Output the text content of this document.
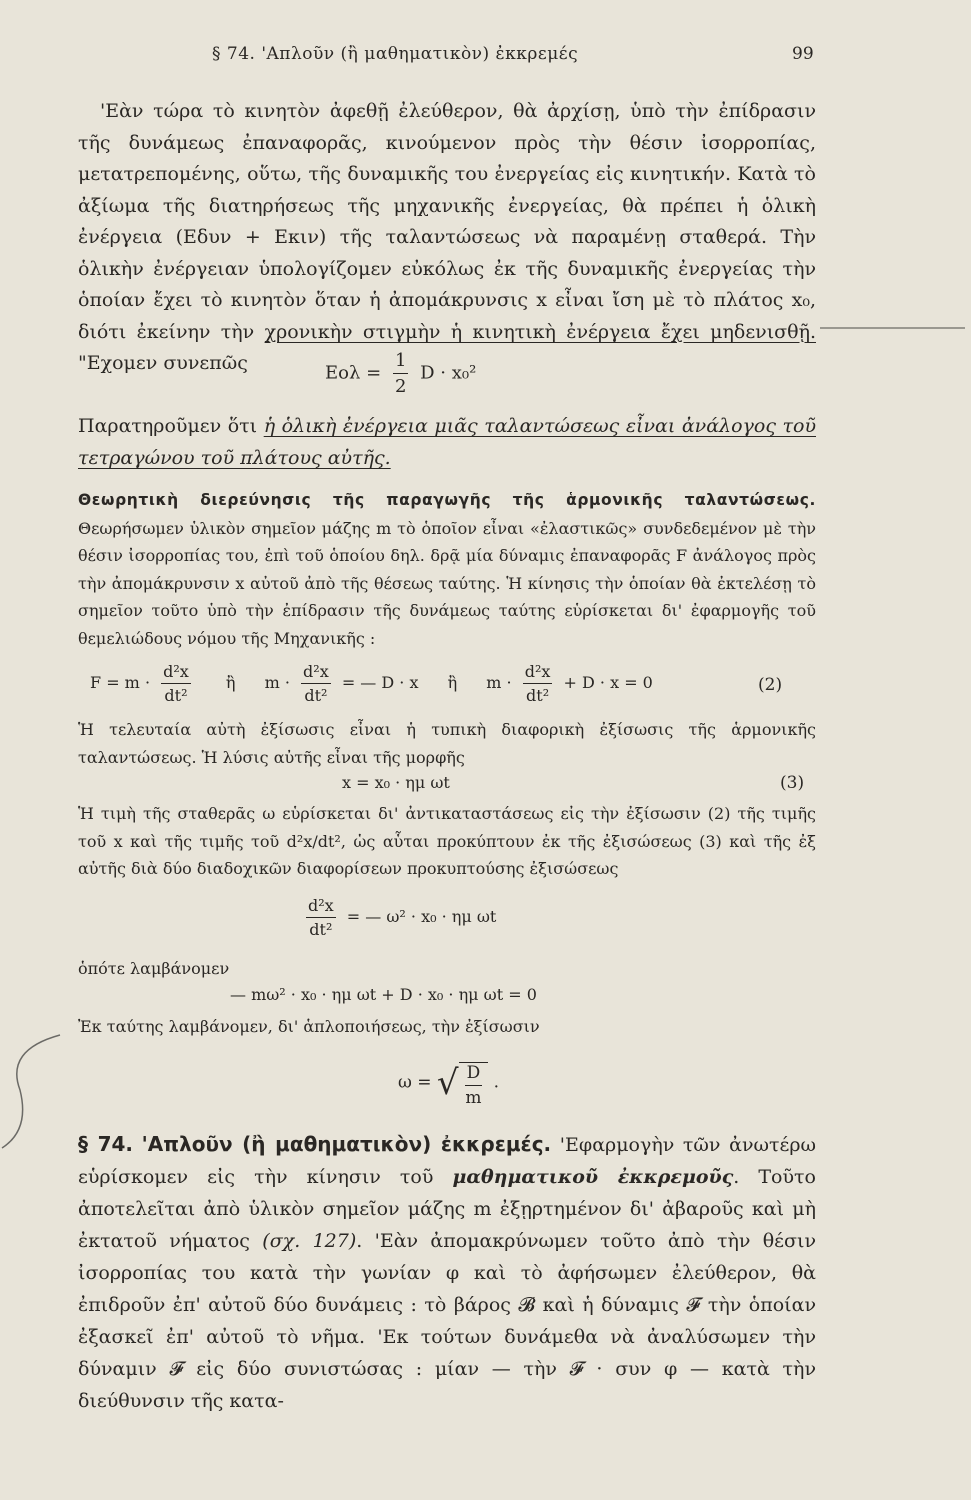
§ 74. 'Απλοῦν (ἢ μαθηματικὸν) ἐκκρεμές	99
'Εὰν τώρα τὸ κινητὸν ἀφεθῇ ἐλεύθερον, θὰ ἀρχίσῃ, ὑπὸ τὴν ἐπίδρασιν τῆς δυνάμεως ἐπαναφορᾶς, κινούμενον πρὸς τὴν θέσιν ἰσορροπίας, μετατρεπομένης, οὕτω, τῆς δυναμικῆς του ἐνεργείας εἰς κινητικήν. Κατὰ τὸ ἀξίωμα τῆς διατηρήσεως τῆς μηχανικῆς ἐνεργείας, θὰ πρέπει ἡ ὁλικὴ ἐνέργεια (Eδυν + Eκιν) τῆς ταλαντώσεως νὰ παραμένῃ σταθερά. Τὴν ὁλικὴν ἐνέργειαν ὑπολογίζομεν εὐκόλως ἐκ τῆς δυναμικῆς ἐνεργείας τὴν ὁποίαν ἔχει τὸ κινητὸν ὅταν ἡ ἀπομάκρυνσις x εἶναι ἴση μὲ τὸ πλάτος x₀, διότι ἐκείνην τὴν χρονικὴν στιγμὴν ἡ κινητικὴ ἐνέργεια ἔχει μηδενισθῇ. "Εχομεν συνεπῶς	$Eo\lambda = \frac{1}{2}$ D · x₀²
Παρατηροῦμεν ὅτι ἡ ὁλικὴ ἐνέργεια μιᾶς ταλαντώσεως εἶναι ἀνάλογος τοῦ τετραγώνου τοῦ πλάτους αὐτῆς.
Θεωρητικὴ διερεύνησις τῆς παραγωγῆς τῆς ἁρμονικῆς ταλαντώσεως. Θεωρήσωμεν ὑλικὸν σημεῖον μάζης m τὸ ὁποῖον εἶναι «ἐλαστικῶς» συνδεδεμένον μὲ τὴν θέσιν ἰσορροπίας του, ἐπὶ τοῦ ὁποίου δηλ. δρᾷ μία δύναμις ἐπαναφορᾶς F ἀνάλογος πρὸς τὴν ἀπομάκρυνσιν x αὐτοῦ ἀπὸ τῆς θέσεως ταύτης. Ἡ κίνησις τὴν ὁποίαν θὰ ἐκτελέσῃ τὸ σημεῖον τοῦτο ὑπὸ τὴν ἐπίδρασιν τῆς δυνάμεως ταύτης εὑρίσκεται δι' ἐφαρμογῆς τοῦ θεμελιώδους νόμου τῆς Μηχανικῆς :
$F = m \cdot \frac{\text{d²x}}{\text{dt²}}$ ἢ $m \cdot \frac{\text{d²x}}{\text{dt²}}$ = — D · x ἢ $m \cdot \frac{\text{d²x}}{\text{dt²}} + D \cdot x = 0$	(2)
Ἡ τελευταία αὐτὴ ἐξίσωσις εἶναι ἡ τυπικὴ διαφορικὴ ἐξίσωσις τῆς ἁρμονικῆς ταλαντώσεως. Ἡ λύσις αὐτῆς εἶναι τῆς μορφῆς
x = x₀ · ημ ωt	(3)
Ἡ τιμὴ τῆς σταθερᾶς ω εὑρίσκεται δι' ἀντικαταστάσεως εἰς τὴν ἐξίσωσιν (2) τῆς τιμῆς τοῦ x καὶ τῆς τιμῆς τοῦ d²x/dt², ὡς αὗται προκύπτουν ἐκ τῆς ἐξισώσεως (3) καὶ τῆς ἐξ αὐτῆς διὰ δύο διαδοχικῶν διαφορίσεων προκυπτούσης ἐξισώσεως
$\frac{\text{d²x}}{\text{dt²}}$ = — ω² · x₀ · ημ ωt
ὁπότε λαμβάνομεν
— mω² · x₀ · ημ ωt + D · x₀ · ημ ωt = 0
Ἐκ ταύτης λαμβάνομεν, δι' ἁπλοποιήσεως, τὴν ἐξίσωσιν
ω = √ $\frac{D}{m}$ .
§ 74. 'Απλοῦν (ἢ μαθηματικὸν) ἐκκρεμές. 'Εφαρμογὴν τῶν ἀνωτέρω εὑρίσκομεν εἰς τὴν κίνησιν τοῦ μαθηματικοῦ ἐκκρεμοῦς. Τοῦτο ἀποτελεῖται ἀπὸ ὑλικὸν σημεῖον μάζης m ἐξῃρτημένον δι' ἀβαροῦς καὶ μὴ ἐκτατοῦ νήματος (σχ. 127). 'Εὰν ἀπομακρύνωμεν τοῦτο ἀπὸ τὴν θέσιν ἰσορροπίας του κατὰ τὴν γωνίαν φ καὶ τὸ ἀφήσωμεν ἐλεύθερον, θὰ ἐπιδροῦν ἐπ' αὐτοῦ δύο δυνάμεις : τὸ βάρος 𝓑 καὶ ἡ δύναμις 𝓕 τὴν ὁποίαν ἐξασκεῖ ἐπ' αὐτοῦ τὸ νῆμα. 'Εκ τούτων δυνάμεθα νὰ ἀναλύσωμεν τὴν δύναμιν 𝓕 εἰς δύο συνιστώσας : μίαν — τὴν 𝓕 · συν φ — κατὰ τὴν διεύθυνσιν τῆς κατα-
